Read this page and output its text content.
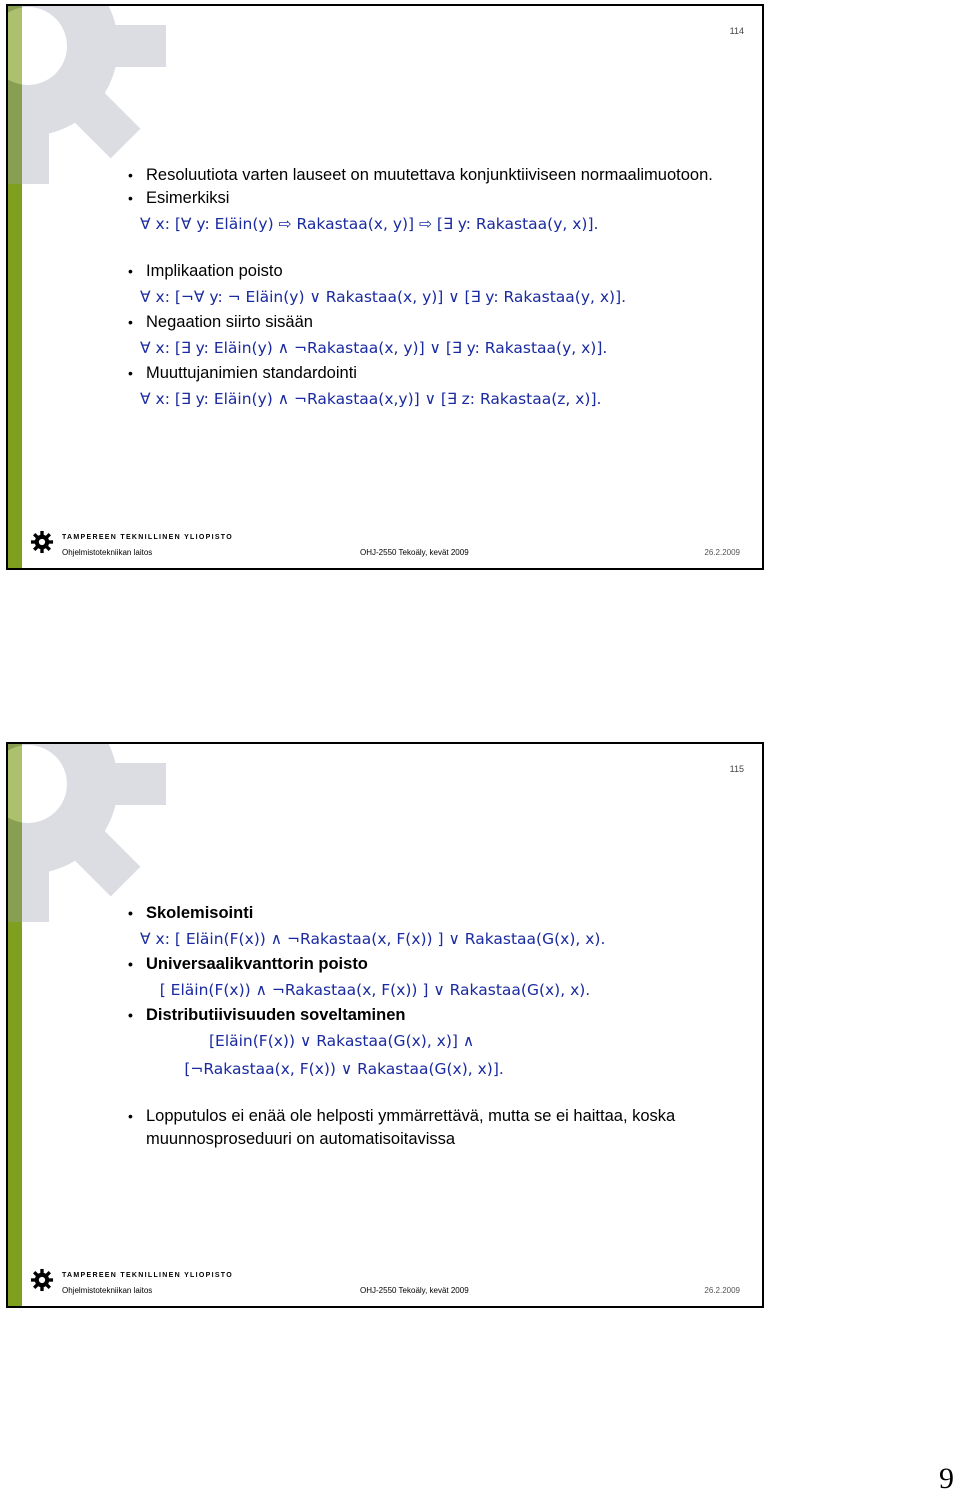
114
• Resoluutiota varten lauseet on muutettava konjunktiiviseen normaalimuotoon.
• Esimerkiksi
∀ x: [∀ y: Eläin(y) ⇨ Rakastaa(x, y)] ⇨ [∃ y: Rakastaa(y, x)].
• Implikaation poisto
∀ x: [¬∀ y: ¬ Eläin(y) ∨ Rakastaa(x, y)] ∨ [∃ y: Rakastaa(y, x)].
• Negaation siirto sisään
∀ x: [∃ y: Eläin(y) ∧ ¬Rakastaa(x, y)] ∨ [∃ y: Rakastaa(y, x)].
• Muuttujanimien standardointi
∀ x: [∃ y: Eläin(y) ∧ ¬Rakastaa(x,y)] ∨ [∃ z: Rakastaa(z, x)].
TAMPEREEN TEKNILLINEN YLIOPISTO
Ohjelmistotekniikan laitos	OHJ-2550 Tekoäly, kevät 2009	26.2.2009
115
• Skolemisointi
∀ x: [ Eläin(F(x)) ∧ ¬Rakastaa(x, F(x)) ] ∨ Rakastaa(G(x), x).
• Universaalikvanttorin poisto
[ Eläin(F(x)) ∧ ¬Rakastaa(x, F(x)) ] ∨ Rakastaa(G(x), x).
• Distributiivisuuden soveltaminen
[Eläin(F(x)) ∨ Rakastaa(G(x), x)] ∧
[¬Rakastaa(x, F(x)) ∨ Rakastaa(G(x), x)].
• Lopputulos ei enää ole helposti ymmärrettävä, mutta se ei haittaa, koska muunnosproseduuri on automatisoitavissa
TAMPEREEN TEKNILLINEN YLIOPISTO
Ohjelmistotekniikan laitos	OHJ-2550 Tekoäly, kevät 2009	26.2.2009
9
